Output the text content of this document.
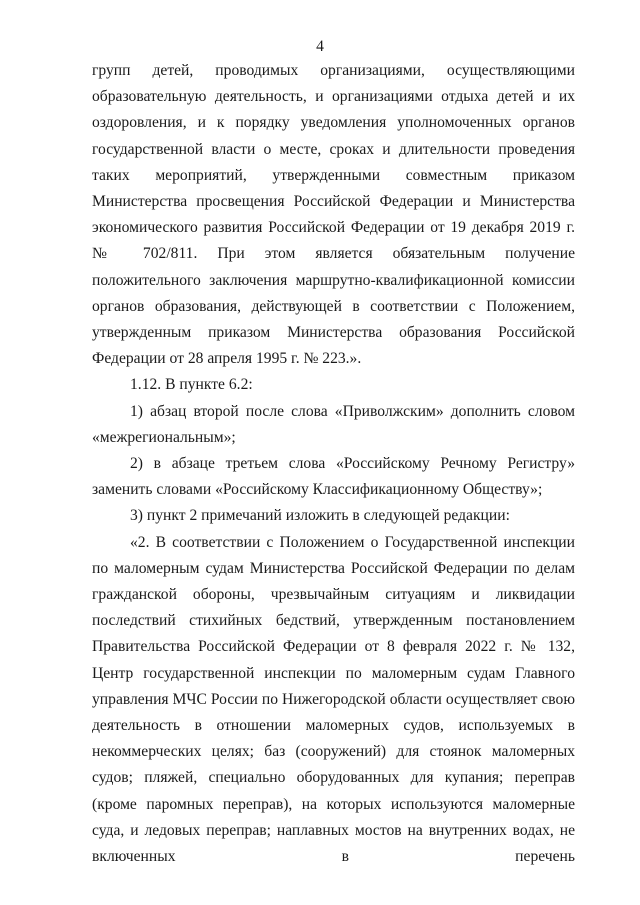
4

групп детей, проводимых организациями, осуществляющими образовательную деятельность, и организациями отдыха детей и их оздоровления, и к порядку уведомления уполномоченных органов государственной власти о месте, сроках и длительности проведения таких мероприятий, утвержденными совместным приказом Министерства просвещения Российской Федерации и Министерства экономического развития Российской Федерации от 19 декабря 2019 г. № 702/811. При этом является обязательным получение положительного заключения маршрутно-квалификационной комиссии органов образования, действующей в соответствии с Положением, утвержденным приказом Министерства образования Российской Федерации от 28 апреля 1995 г. № 223.».

1.12. В пункте 6.2:

1) абзац второй после слова «Приволжским» дополнить словом «межрегиональным»;

2) в абзаце третьем слова «Российскому Речному Регистру» заменить словами «Российскому Классификационному Обществу»;

3) пункт 2 примечаний изложить в следующей редакции:

«2. В соответствии с Положением о Государственной инспекции по маломерным судам Министерства Российской Федерации по делам гражданской обороны, чрезвычайным ситуациям и ликвидации последствий стихийных бедствий, утвержденным постановлением Правительства Российской Федерации от 8 февраля 2022 г. № 132, Центр государственной инспекции по маломерным судам Главного управления МЧС России по Нижегородской области осуществляет свою деятельность в отношении маломерных судов, используемых в некоммерческих целях; баз (сооружений) для стоянок маломерных судов; пляжей, специально оборудованных для купания; переправ (кроме паромных переправ), на которых используются маломерные суда, и ледовых переправ; наплавных мостов на внутренних водах, не включенных в перечень
